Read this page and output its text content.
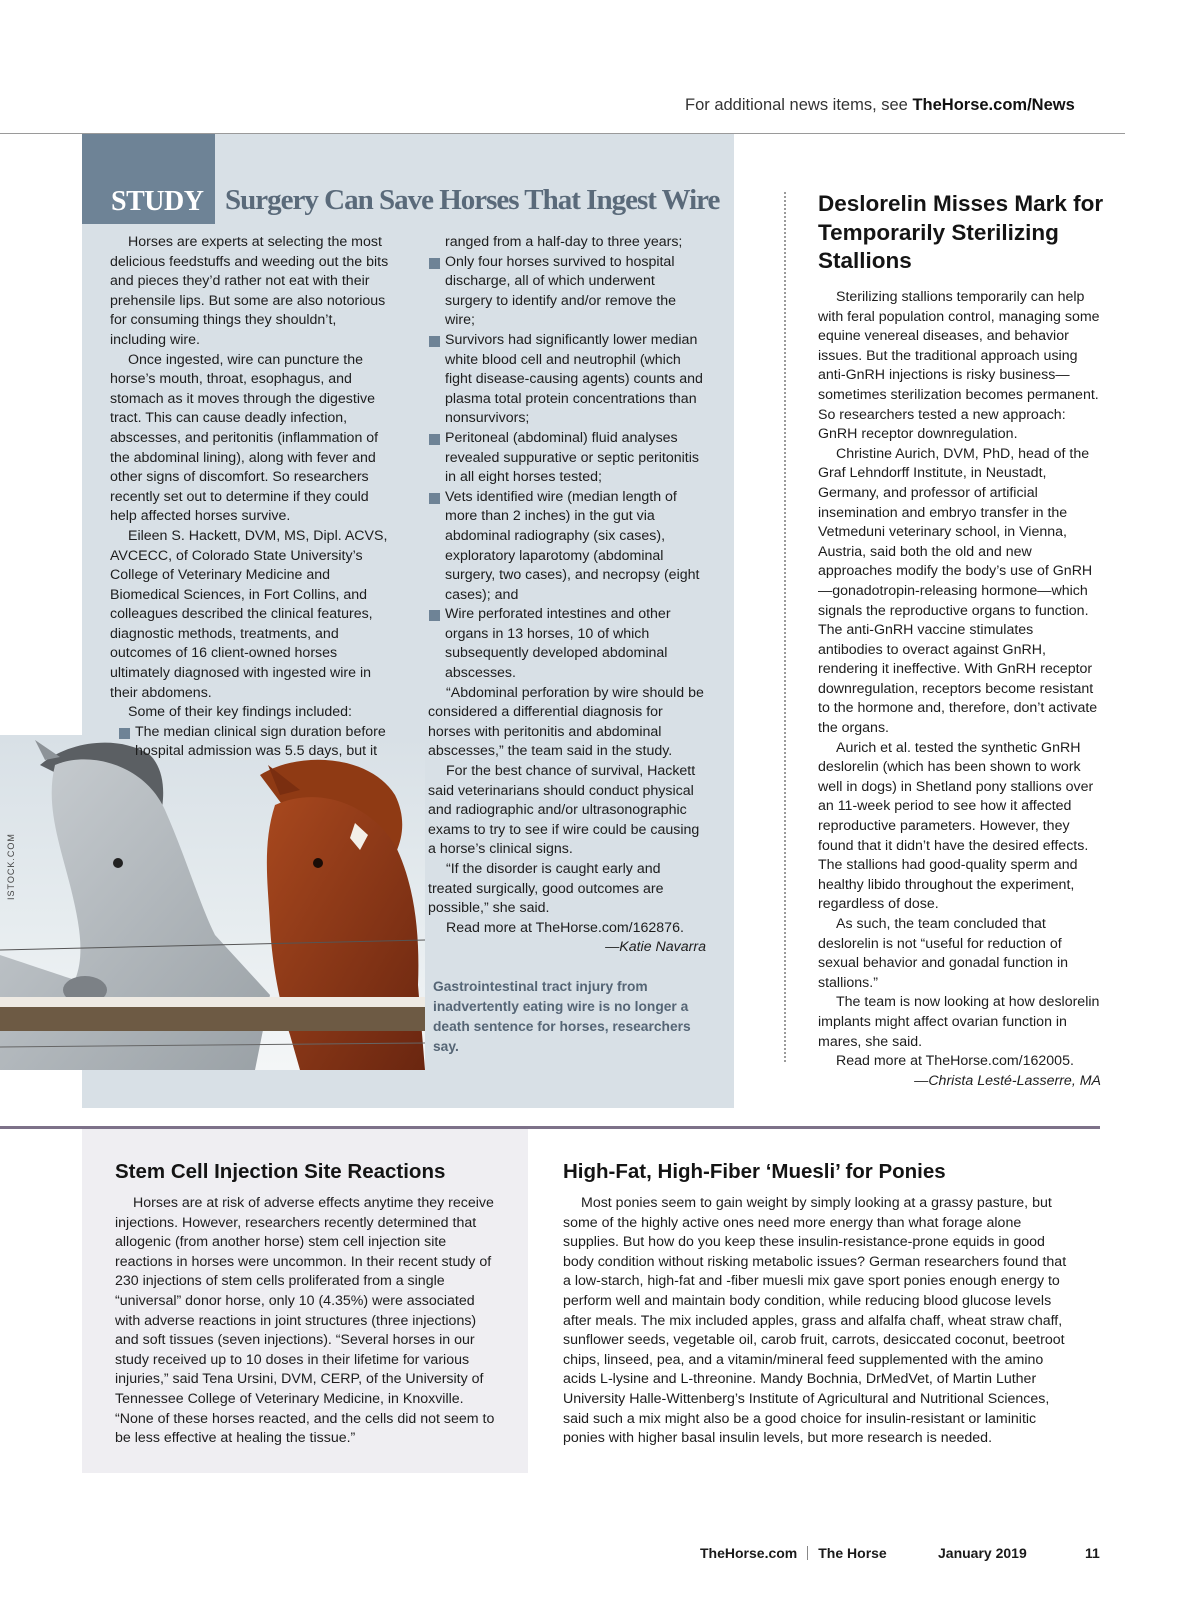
For additional news items, see TheHorse.com/News
STUDY Surgery Can Save Horses That Ingest Wire
ISTOCK.COM

Horses are experts at selecting the most delicious feedstuffs and weeding out the bits and pieces they’d rather not eat with their prehensile lips. But some are also notorious for consuming things they shouldn’t, including wire.

Once ingested, wire can puncture the horse’s mouth, throat, esophagus, and stomach as it moves through the digestive tract. This can cause deadly infection, abscesses, and peritonitis (inflammation of the abdominal lining), along with fever and other signs of discomfort. So researchers recently set out to determine if they could help affected horses survive.

Eileen S. Hackett, DVM, MS, Dipl. ACVS, AVCECC, of Colorado State University’s College of Veterinary Medicine and Biomedical Sciences, in Fort Collins, and colleagues described the clinical features, diagnostic methods, treatments, and outcomes of 16 client-owned horses ultimately diagnosed with ingested wire in their abdomens.

Some of their key findings included:

The median clinical sign duration before hospital admission was 5.5 days, but it

ranged from a half-day to three years;

Only four horses survived to hospital discharge, all of which underwent surgery to identify and/or remove the wire;

Survivors had significantly lower median white blood cell and neutrophil (which fight disease-causing agents) counts and plasma total protein concentrations than nonsurvivors;

Peritoneal (abdominal) fluid analyses revealed suppurative or septic peritonitis in all eight horses tested;

Vets identified wire (median length of more than 2 inches) in the gut via abdominal radiography (six cases), exploratory laparotomy (abdominal surgery, two cases), and necropsy (eight cases); and

Wire perforated intestines and other organs in 13 horses, 10 of which subsequently developed abdominal abscesses.

“Abdominal perforation by wire should be considered a differential diagnosis for horses with peritonitis and abdominal abscesses,” the team said in the study.

For the best chance of survival, Hackett said veterinarians should conduct physical and radiographic and/or ultrasonographic exams to try to see if wire could be causing a horse’s clinical signs.

“If the disorder is caught early and treated surgically, good outcomes are possible,” she said.

Read more at TheHorse.com/162876.

—Katie Navarra

Gastrointestinal tract injury from inadvertently eating wire is no longer a death sentence for horses, researchers say.
Deslorelin Misses Mark for Temporarily Sterilizing Stallions

Sterilizing stallions temporarily can help with feral population control, managing some equine venereal diseases, and behavior issues. But the traditional approach using anti-GnRH injections is risky business—sometimes sterilization becomes permanent. So researchers tested a new approach: GnRH receptor downregulation.

Christine Aurich, DVM, PhD, head of the Graf Lehndorff Institute, in Neustadt, Germany, and professor of artificial insemination and embryo transfer in the Vetmeduni veterinary school, in Vienna, Austria, said both the old and new approaches modify the body’s use of GnRH—gonadotropin-releasing hormone—which signals the reproductive organs to function. The anti-GnRH vaccine stimulates antibodies to overact against GnRH, rendering it ineffective. With GnRH receptor downregulation, receptors become resistant to the hormone and, therefore, don’t activate the organs.

Aurich et al. tested the synthetic GnRH deslorelin (which has been shown to work well in dogs) in Shetland pony stallions over an 11-week period to see how it affected reproductive parameters. However, they found that it didn’t have the desired effects. The stallions had good-quality sperm and healthy libido throughout the experiment, regardless of dose.

As such, the team concluded that deslorelin is not “useful for reduction of sexual behavior and gonadal function in stallions.”

The team is now looking at how deslorelin implants might affect ovarian function in mares, she said.

Read more at TheHorse.com/162005.

—Christa Lesté-Lasserre, MA

Stem Cell Injection Site Reactions

Horses are at risk of adverse effects anytime they receive injections. However, researchers recently determined that allogenic (from another horse) stem cell injection site reactions in horses were uncommon. In their recent study of 230 injections of stem cells proliferated from a single “universal” donor horse, only 10 (4.35%) were associated with adverse reactions in joint structures (three injections) and soft tissues (seven injections). “Several horses in our study received up to 10 doses in their lifetime for various injuries,” said Tena Ursini, DVM, CERP, of the University of Tennessee College of Veterinary Medicine, in Knoxville. “None of these horses reacted, and the cells did not seem to be less effective at healing the tissue.”

High-Fat, High-Fiber ‘Muesli’ for Ponies

Most ponies seem to gain weight by simply looking at a grassy pasture, but some of the highly active ones need more energy than what forage alone supplies. But how do you keep these insulin-resistance-prone equids in good body condition without risking metabolic issues? German researchers found that a low-starch, high-fat and -fiber muesli mix gave sport ponies enough energy to perform well and maintain body condition, while reducing blood glucose levels after meals. The mix included apples, grass and alfalfa chaff, wheat straw chaff, sunflower seeds, vegetable oil, carob fruit, carrots, desiccated coconut, beetroot chips, linseed, pea, and a vitamin/mineral feed supplemented with the amino acids L-lysine and L-threonine. Mandy Bochnia, DrMedVet, of Martin Luther University Halle-Wittenberg’s Institute of Agricultural and Nutritional Sciences, said such a mix might also be a good choice for insulin-resistant or laminitic ponies with higher basal insulin levels, but more research is needed.

TheHorse.com The Horse	January 2019	11
